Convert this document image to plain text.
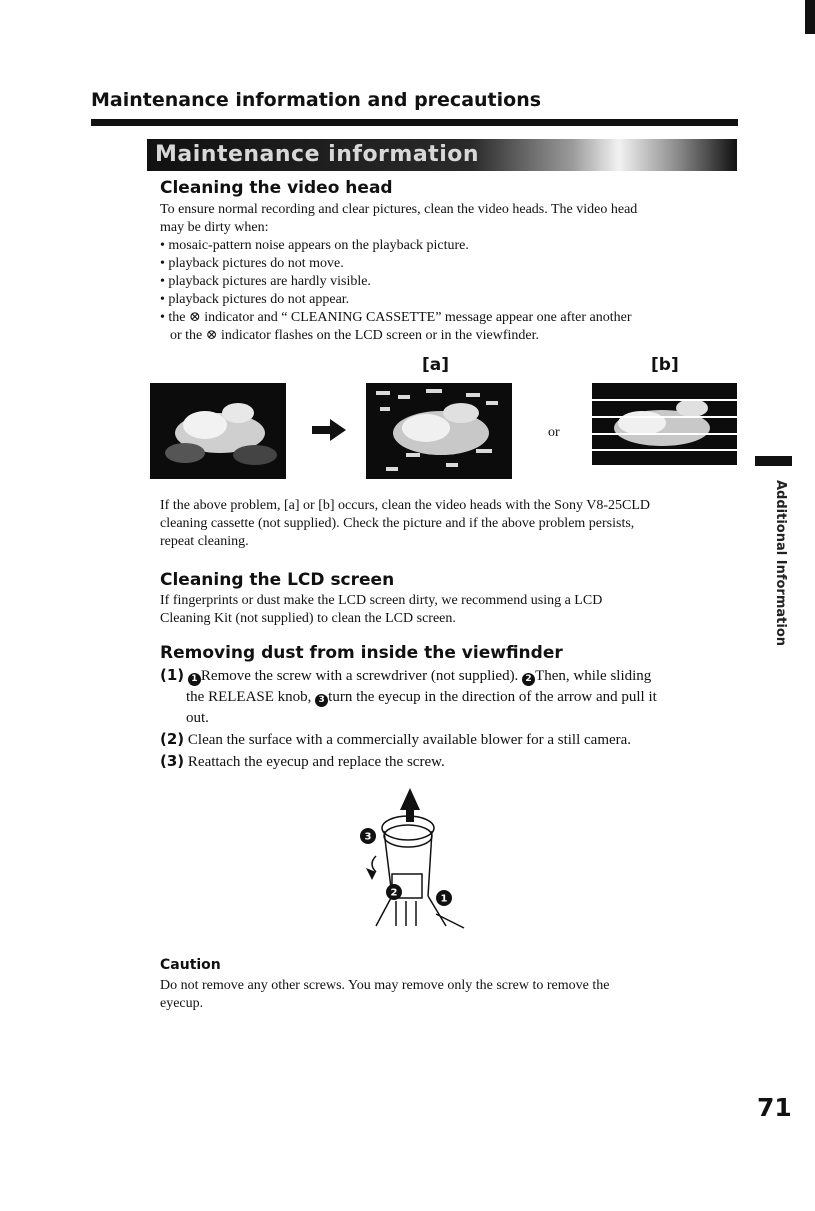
Maintenance information and precautions
Maintenance information
Cleaning the video head
To ensure normal recording and clear pictures, clean the video heads. The video head
may be dirty when:
• mosaic-pattern noise appears on the playback picture.
• playback pictures do not move.
• playback pictures are hardly visible.
• playback pictures do not appear.
• the ⊗ indicator and “ CLEANING CASSETTE” message appear one after another
or the ⊗ indicator flashes on the LCD screen or in the viewfinder.
[a]	[b]
or
If the above problem, [a] or [b] occurs, clean the video heads with the Sony V8-25CLD
cleaning cassette (not supplied). Check the picture and if the above problem persists,
repeat cleaning.
Cleaning the LCD screen
If fingerprints or dust make the LCD screen dirty, we recommend using a LCD
Cleaning Kit (not supplied) to clean the LCD screen.
Removing dust from inside the viewfinder
(1) 1 Remove the screw with a screwdriver (not supplied). 2 Then, while sliding
the RELEASE knob, 3 turn the eyecup in the direction of the arrow and pull it
out.
(2) Clean the surface with a commercially available blower for a still camera.
(3) Reattach the eyecup and replace the screw.
3
2
1
Caution
Do not remove any other screws. You may remove only the screw to remove the
eyecup.
Additional Information
71
